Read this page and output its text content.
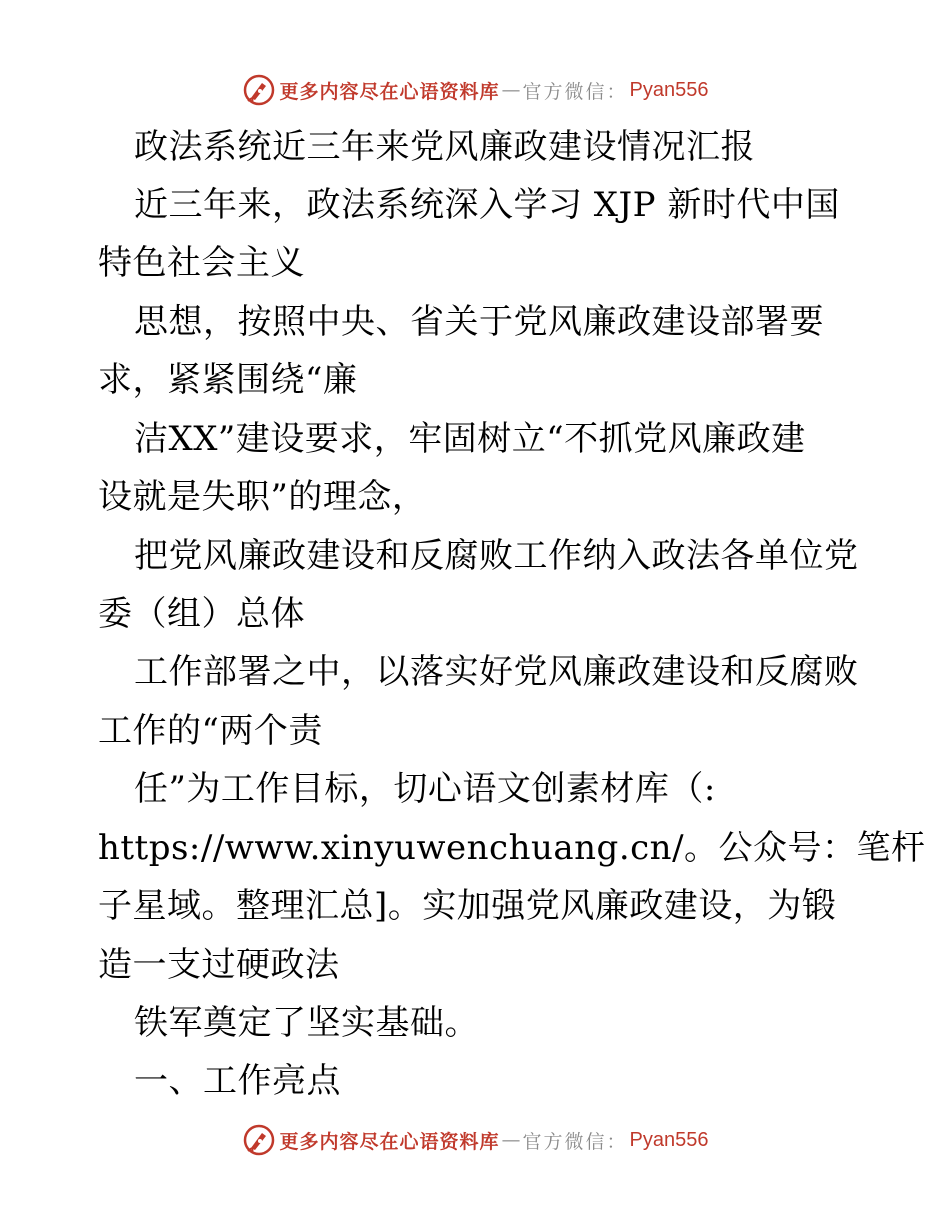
更多内容尽在心语资料库 — 官方微信： Pyan556
政法系统近三年来党风廉政建设情况汇报
近三年来，政法系统深入学习 XJP 新时代中国
特色社会主义
思想，按照中央、省关于党风廉政建设部署要
求，紧紧围绕“廉
洁XX”建设要求，牢固树立“不抓党风廉政建
设就是失职”的理念，
把党风廉政建设和反腐败工作纳入政法各单位党
委（组）总体
工作部署之中，以落实好党风廉政建设和反腐败
工作的“两个责
任”为工作目标，切心语文创素材库（:
https://www.xinyuwenchuang.cn/。公众号：笔杆
子星域。整理汇总]。实加强党风廉政建设，为锻
造一支过硬政法
铁军奠定了坚实基础。
一、工作亮点
更多内容尽在心语资料库 — 官方微信： Pyan556
